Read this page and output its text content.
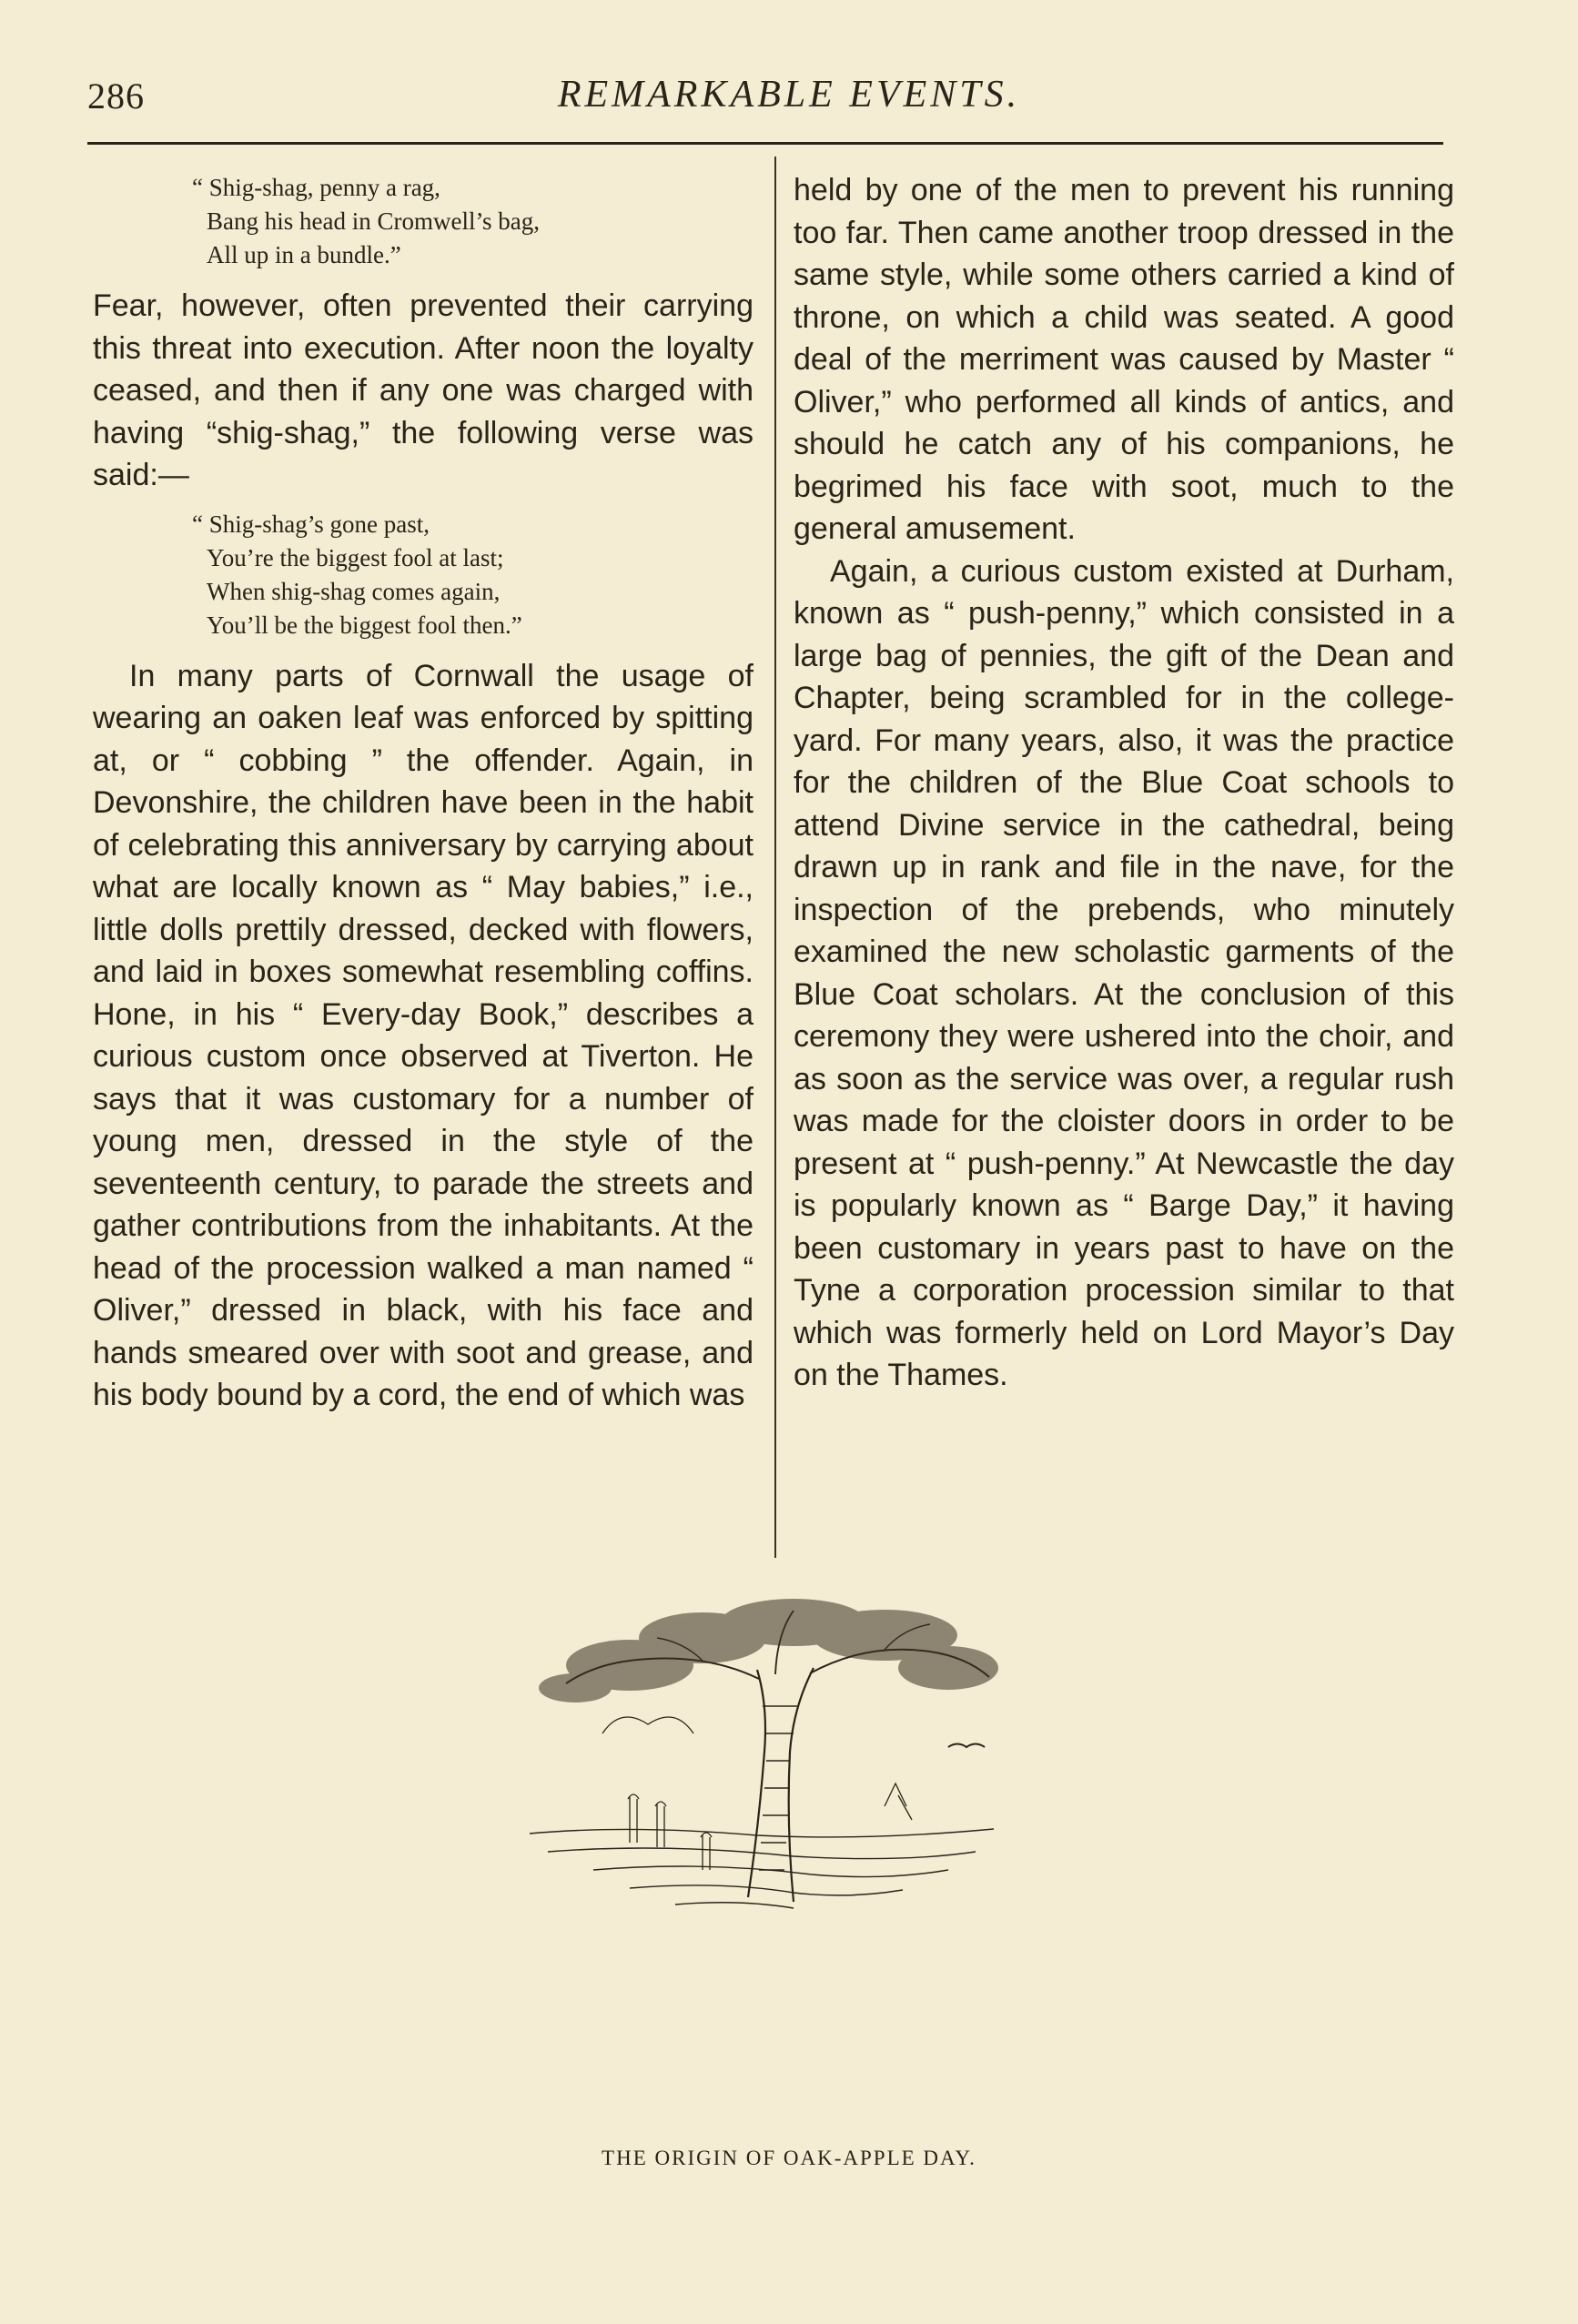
286	REMARKABLE EVENTS.
“ Shig-shag, penny a rag,
Bang his head in Cromwell’s bag,
All up in a bundle.”

Fear, however, often prevented their carrying this threat into execution. After noon the loyalty ceased, and then if any one was charged with having “shig-shag,” the following verse was said:—

“ Shig-shag’s gone past,
You’re the biggest fool at last;
When shig-shag comes again,
You’ll be the biggest fool then.”

In many parts of Cornwall the usage of wearing an oaken leaf was enforced by spitting at, or “ cobbing ” the offender. Again, in Devonshire, the children have been in the habit of celebrating this anniversary by carrying about what are locally known as “ May babies,” i.e., little dolls prettily dressed, decked with flowers, and laid in boxes somewhat resembling coffins. Hone, in his “ Every-day Book,” describes a curious custom once observed at Tiverton. He says that it was customary for a number of young men, dressed in the style of the seventeenth century, to parade the streets and gather contributions from the inhabitants. At the head of the procession walked a man named “ Oliver,” dressed in black, with his face and hands smeared over with soot and grease, and his body bound by a cord, the end of which was

held by one of the men to prevent his running too far. Then came another troop dressed in the same style, while some others carried a kind of throne, on which a child was seated. A good deal of the merriment was caused by Master “ Oliver,” who performed all kinds of antics, and should he catch any of his companions, he begrimed his face with soot, much to the general amusement.

Again, a curious custom existed at Durham, known as “ push-penny,” which consisted in a large bag of pennies, the gift of the Dean and Chapter, being scrambled for in the college-yard. For many years, also, it was the practice for the children of the Blue Coat schools to attend Divine service in the cathedral, being drawn up in rank and file in the nave, for the inspection of the prebends, who minutely examined the new scholastic garments of the Blue Coat scholars. At the conclusion of this ceremony they were ushered into the choir, and as soon as the service was over, a regular rush was made for the cloister doors in order to be present at “ push-penny.” At Newcastle the day is popularly known as “ Barge Day,” it having been customary in years past to have on the Tyne a corporation procession similar to that which was formerly held on Lord Mayor’s Day on the Thames.

THE ORIGIN OF OAK-APPLE DAY.
